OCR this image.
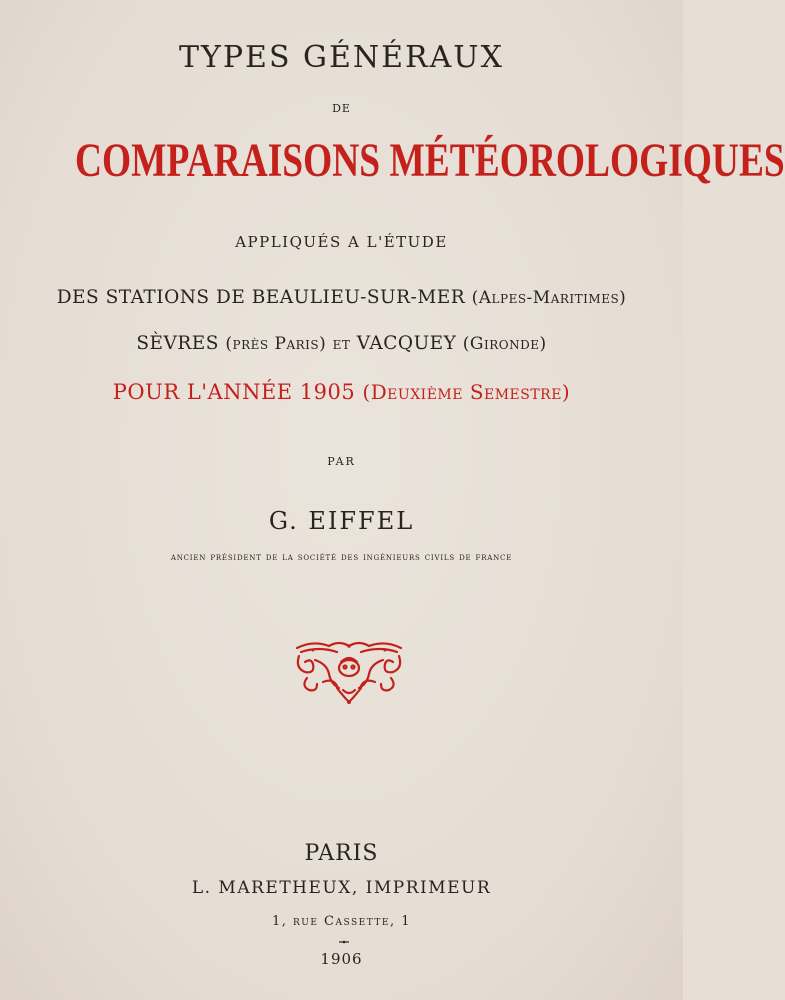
TYPES GÉNÉRAUX
DE
COMPARAISONS MÉTÉOROLOGIQUES
APPLIQUÉS A L'ÉTUDE
DES STATIONS DE BEAULIEU-SUR-MER (Alpes-Maritimes)
SÈVRES (près Paris) et VACQUEY (Gironde)
POUR L'ANNÉE 1905 (Deuxième Semestre)
PAR
G. EIFFEL
ancien président de la société des ingénieurs civils de france
PARIS
L. MARETHEUX, IMPRIMEUR
1, rue Cassette, 1
1906
